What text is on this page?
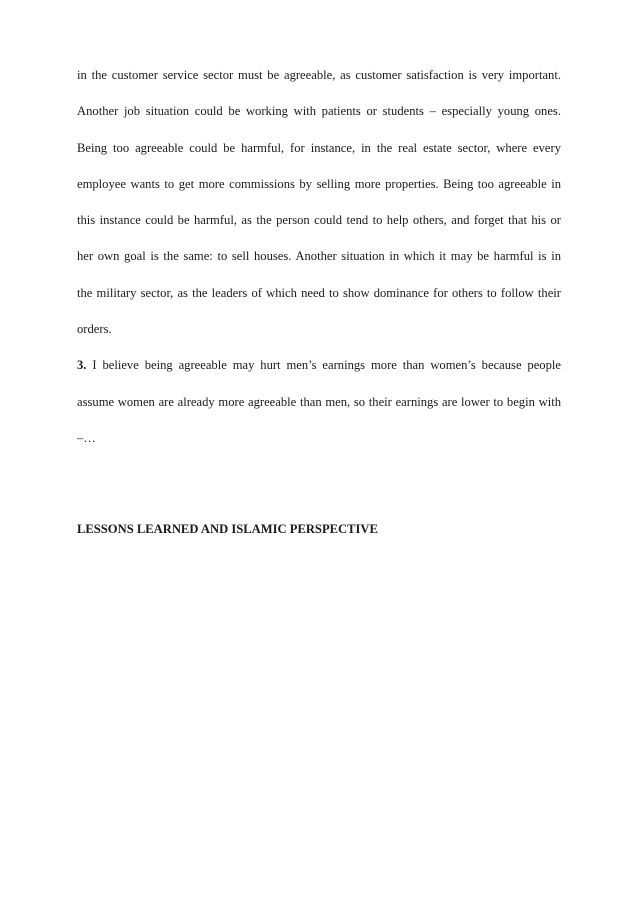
in the customer service sector must be agreeable, as customer satisfaction is very important.
Another job situation could be working with patients or students – especially young ones.
Being too agreeable could be harmful, for instance, in the real estate sector, where every
employee wants to get more commissions by selling more properties. Being too agreeable in
this instance could be harmful, as the person could tend to help others, and forget that his or
her own goal is the same: to sell houses. Another situation in which it may be harmful is in
the military sector, as the leaders of which need to show dominance for others to follow their
orders.
3. I believe being agreeable may hurt men’s earnings more than women’s because people
assume women are already more agreeable than men, so their earnings are lower to begin with
–…
LESSONS LEARNED AND ISLAMIC PERSPECTIVE
